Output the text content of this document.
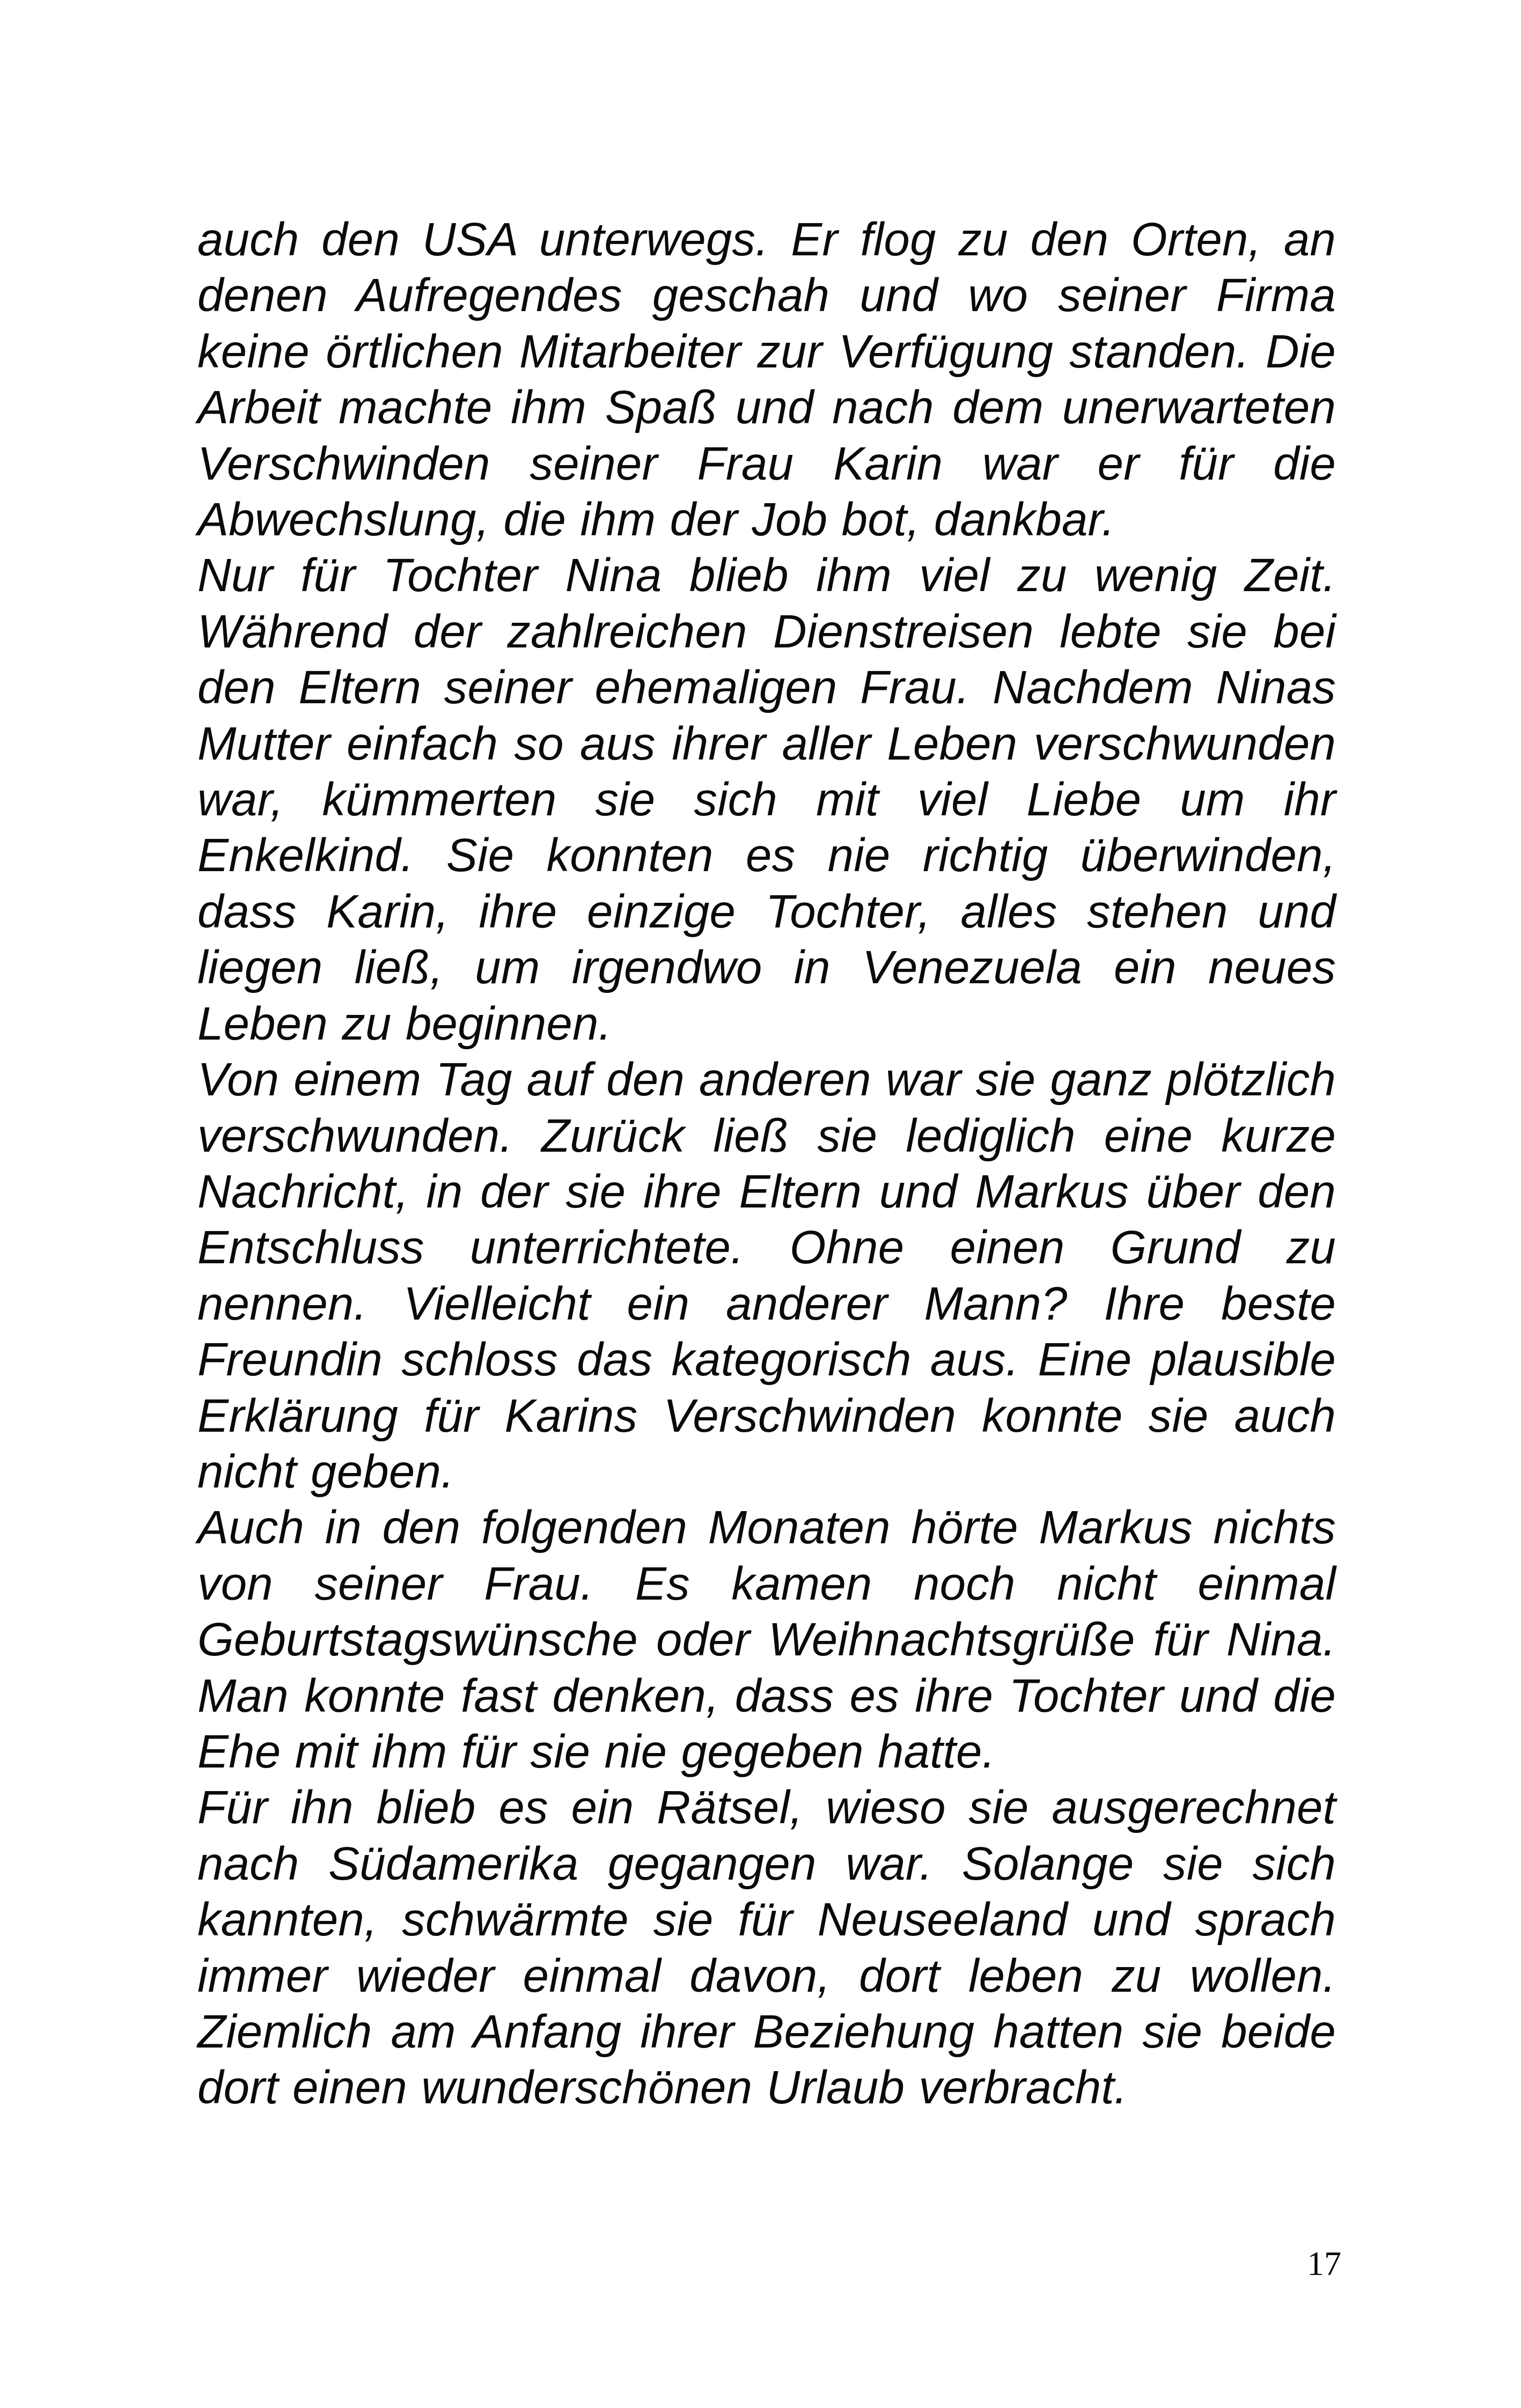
auch den USA unterwegs. Er flog zu den Orten, an denen Aufregendes geschah und wo seiner Firma keine örtlichen Mitarbeiter zur Verfügung standen. Die Arbeit machte ihm Spaß und nach dem unerwarteten Verschwinden seiner Frau Karin war er für die Abwechslung, die ihm der Job bot, dankbar.

Nur für Tochter Nina blieb ihm viel zu wenig Zeit. Während der zahlreichen Dienstreisen lebte sie bei den Eltern seiner ehemaligen Frau. Nachdem Ninas Mutter einfach so aus ihrer aller Leben verschwunden war, kümmerten sie sich mit viel Liebe um ihr Enkelkind. Sie konnten es nie richtig überwinden, dass Karin, ihre einzige Tochter, alles stehen und liegen ließ, um irgendwo in Venezuela ein neues Leben zu beginnen.

Von einem Tag auf den anderen war sie ganz plötzlich verschwunden. Zurück ließ sie lediglich eine kurze Nachricht, in der sie ihre Eltern und Markus über den Entschluss unterrichtete. Ohne einen Grund zu nennen. Vielleicht ein anderer Mann? Ihre beste Freundin schloss das kategorisch aus. Eine plausible Erklärung für Karins Verschwinden konnte sie auch nicht geben.

Auch in den folgenden Monaten hörte Markus nichts von seiner Frau. Es kamen noch nicht einmal Geburtstagswünsche oder Weihnachtsgrüße für Nina. Man konnte fast denken, dass es ihre Tochter und die Ehe mit ihm für sie nie gegeben hatte.

Für ihn blieb es ein Rätsel, wieso sie ausgerechnet nach Südamerika gegangen war. Solange sie sich kannten, schwärmte sie für Neuseeland und sprach immer wieder einmal davon, dort leben zu wollen. Ziemlich am Anfang ihrer Beziehung hatten sie beide dort einen wunderschönen Urlaub verbracht.

17
